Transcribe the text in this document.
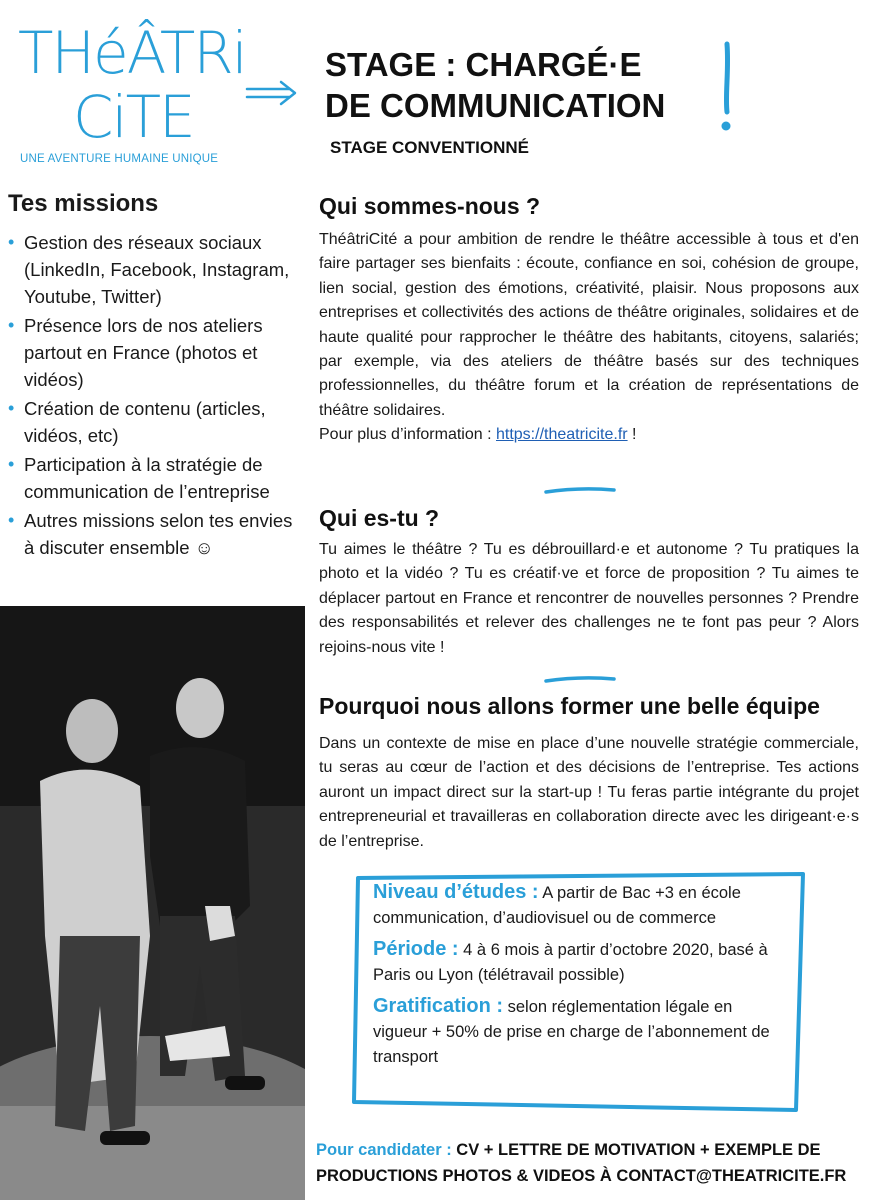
THéÂTRi
CiTE
UNE AVENTURE HUMAINE UNIQUE
STAGE : CHARGÉ·E
DE COMMUNICATION
STAGE CONVENTIONNÉ
Tes missions
• Gestion des réseaux sociaux (LinkedIn, Facebook, Instagram, Youtube, Twitter)
• Présence lors de nos ateliers partout en France (photos et vidéos)
• Création de contenu (articles, vidéos, etc)
• Participation à la stratégie de communication de l’entreprise
• Autres missions selon tes envies à discuter ensemble ☺
Qui sommes-nous ?
ThéâtriCité a pour ambition de rendre le théâtre accessible à tous et d'en faire partager ses bienfaits : écoute, confiance en soi, cohésion de groupe, lien social, gestion des émotions, créativité, plaisir. Nous proposons aux entreprises et collectivités des actions de théâtre originales, solidaires et de haute qualité pour rapprocher le théâtre des habitants, citoyens, salariés; par exemple, via des ateliers de théâtre basés sur des techniques professionnelles, du théâtre forum et la création de représentations de théâtre solidaires.
Pour plus d’information : https://theatricite.fr !
Qui es-tu ?
Tu aimes le théâtre ? Tu es débrouillard·e et autonome ? Tu pratiques la photo et la vidéo ? Tu es créatif·ve et force de proposition ? Tu aimes te déplacer partout en France et rencontrer de nouvelles personnes ? Prendre des responsabilités et relever des challenges ne te font pas peur ? Alors rejoins-nous vite !
Pourquoi nous allons former une belle équipe
Dans un contexte de mise en place d’une nouvelle stratégie commerciale, tu seras au cœur de l’action et des décisions de l’entreprise. Tes actions auront un impact direct sur la start-up ! Tu feras partie intégrante du projet entrepreneurial et travailleras en collaboration directe avec les dirigeant·e·s de l’entreprise.
Niveau d’études : A partir de Bac +3 en école communication, d’audiovisuel ou de commerce
Période : 4 à 6 mois à partir d’octobre 2020, basé à Paris ou Lyon (télétravail possible)
Gratification : selon réglementation légale en vigueur + 50% de prise en charge de l’abonnement de transport
Pour candidater : CV + LETTRE DE MOTIVATION + EXEMPLE DE PRODUCTIONS PHOTOS & VIDEOS À CONTACT@THEATRICITE.FR
